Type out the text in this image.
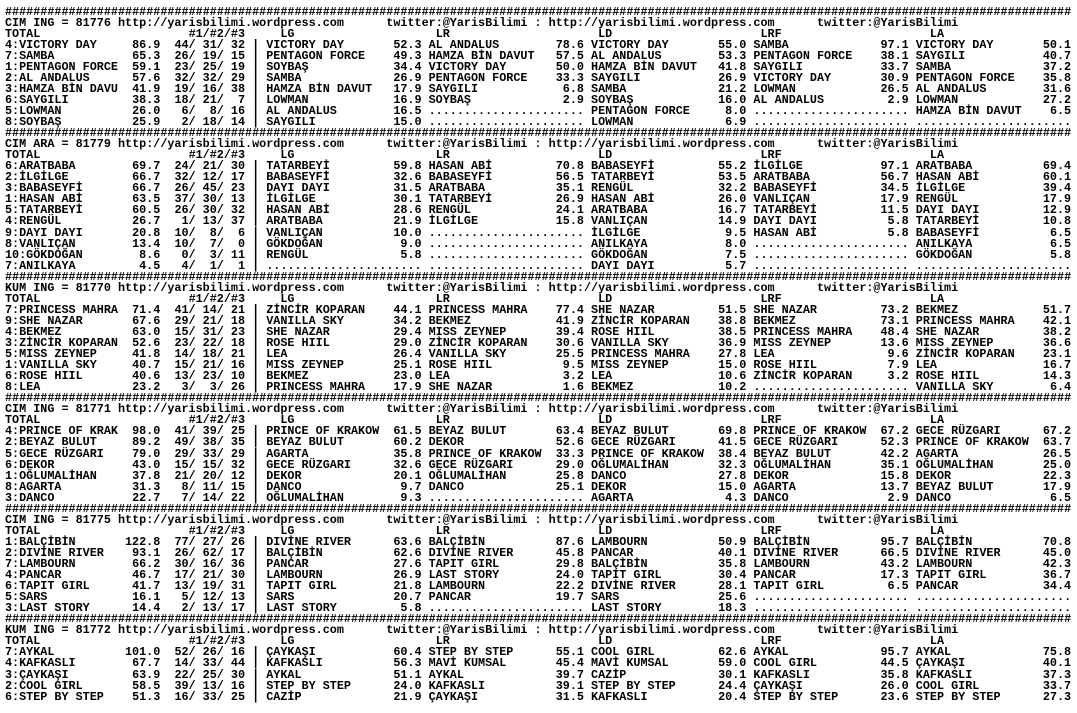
#######################################################################################################################################################
CIM ING = 81776 http://yarisbilimi.wordpress.com	twitter:@YarisBilimi : http://yarisbilimi.wordpress.com	twitter:@YarisBilimi
TOTAL	#1/#2/#3	LG	LR	LD	LRF	LA
4:VICTORY DAY	86.9	44/ 31/ 32 | VICTORY DAY	52.3 AL ANDALUS	78.6 VICTORY DAY	55.0 SAMBA	97.1 VICTORY DAY	50.1
7:SAMBA	65.3	26/ 19/ 15 | PENTAGON FORCE	49.3 HAMZA BİN DAVUT	57.5 AL ANDALUS	53.3 PENTAGON FORCE	38.1 SAYGILI	40.7
1:PENTAGON FORCE	59.1	23/ 25/ 19 | SOYBAŞ	34.4 VICTORY DAY	50.0 HAMZA BİN DAVUT	41.8 SAYGILI	33.7 SAMBA	37.2
2:AL ANDALUS	57.6	32/ 32/ 29 | SAMBA	26.9 PENTAGON FORCE	33.3 SAYGILI	26.9 VICTORY DAY	30.9 PENTAGON FORCE	35.8
3:HAMZA BİN DAVU	41.9	19/ 16/ 38 | HAMZA BİN DAVUT	17.9 SAYGILI	6.8 SAMBA	21.2 LOWMAN	26.5 AL ANDALUS	31.6
6:SAYGILI	38.3	18/ 21/  7 | LOWMAN	16.9 SOYBAŞ	2.9 SOYBAŞ	16.0 AL ANDALUS	2.9 LOWMAN	27.2
5:LOWMAN	26.0	6/  8/ 16 | AL ANDALUS	16.5 ...................... PENTAGON FORCE	8.0 ...................... HAMZA BİN DAVUT	6.5
8:SOYBAŞ	25.9	2/ 18/ 14 | SAYGILI	15.0 ...................... LOWMAN	6.9 ...................... ......................
#######################################################################################################################################################
CIM ARA = 81779 http://yarisbilimi.wordpress.com	twitter:@YarisBilimi : http://yarisbilimi.wordpress.com	twitter:@YarisBilimi
TOTAL	#1/#2/#3	LG	LR	LD	LRF	LA
6:ARATBABA	69.7	24/ 21/ 30 | TATARBEYİ	59.8 HASAN ABİ	70.8 BABASEYFİ	55.2 İLGİLGE	97.1 ARATBABA	69.4
2:İLGİLGE	66.7	32/ 12/ 17 | BABASEYFİ	32.6 BABASEYFİ	56.5 TATARBEYİ	53.5 ARATBABA	56.7 HASAN ABİ	60.1
3:BABASEYFİ	66.7	26/ 45/ 23 | DAYI DAYI	31.5 ARATBABA	35.1 RENGÜL	32.2 BABASEYFİ	34.5 İLGİLGE	39.4
1:HASAN ABİ	63.5	37/ 30/ 13 | İLGİLGE	30.1 TATARBEYİ	26.9 HASAN ABİ	26.0 VANLIÇAN	17.9 RENGÜL	17.9
5:TATARBEYİ	60.5	26/ 30/ 32 | HASAN ABİ	28.6 RENGÜL	24.1 ARATBABA	16.7 TATARBEYİ	11.5 DAYI DAYI	12.9
4:RENGÜL	26.7	1/ 13/ 37 | ARATBABA	21.9 İLGİLGE	15.8 VANLIÇAN	14.9 DAYI DAYI	5.8 TATARBEYİ	10.8
9:DAYI DAYI	20.8	10/  8/  6 | VANLIÇAN	10.0 ...................... İLGİLGE	9.5 HASAN ABİ	5.8 BABASEYFİ	6.5
8:VANLIÇAN	13.4	10/  7/  0 | GÖKDOĞAN	9.0 ...................... ANILKAYA	8.0 ...................... ANILKAYA	6.5
10:GÖKDOĞAN	8.6	0/  3/ 11 | RENGÜL	5.8 ...................... GÖKDOĞAN	7.5 ...................... GÖKDOĞAN	5.8
7:ANILKAYA	4.5	4/  1/  1 | ...................... ...................... DAYI DAYI	5.7 ...................... ......................
#######################################################################################################################################################
KUM ING = 81770 http://yarisbilimi.wordpress.com	twitter:@YarisBilimi : http://yarisbilimi.wordpress.com	twitter:@YarisBilimi
TOTAL	#1/#2/#3	LG	LR	LD	LRF	LA
7:PRINCESS MAHRA	71.4	41/ 14/ 21 | ZİNCİR KOPARAN	44.1 PRINCESS MAHRA	77.4 SHE NAZAR	51.5 SHE NAZAR	73.2 BEKMEZ	51.7
9:SHE NAZAR	67.6	29/ 21/ 18 | VANILLA SKY	34.2 BEKMEZ	41.9 ZİNCİR KOPARAN	38.8 BEKMEZ	73.1 PRINCESS MAHRA	42.1
4:BEKMEZ	63.0	15/ 31/ 23 | SHE NAZAR	29.4 MISS ZEYNEP	39.4 ROSE HIIL	38.5 PRINCESS MAHRA	48.4 SHE NAZAR	38.2
3:ZİNCİR KOPARAN	52.6	23/ 22/ 18 | ROSE HIIL	29.0 ZİNCİR KOPARAN	30.6 VANILLA SKY	36.9 MISS ZEYNEP	13.6 MISS ZEYNEP	36.6
5:MISS ZEYNEP	41.8	14/ 18/ 21 | LEA	26.4 VANILLA SKY	25.5 PRINCESS MAHRA	27.8 LEA	9.6 ZİNCİR KOPARAN	23.1
1:VANILLA SKY	40.7	15/ 21/ 16 | MISS ZEYNEP	25.1 ROSE HIIL	9.5 MISS ZEYNEP	15.0 ROSE HIIL	7.9 LEA	16.7
6:ROSE HIIL	40.6	13/ 23/ 10 | BEKMEZ	23.0 LEA	3.2 LEA	10.6 ZİNCİR KOPARAN	3.2 ROSE HIIL	14.3
8:LEA	23.2	3/  3/ 26 | PRINCESS MAHRA	17.9 SHE NAZAR	1.6 BEKMEZ	10.2 ...................... VANILLA SKY	6.4
#######################################################################################################################################################
CIM ING = 81771 http://yarisbilimi.wordpress.com	twitter:@YarisBilimi : http://yarisbilimi.wordpress.com	twitter:@YarisBilimi
TOTAL	#1/#2/#3	LG	LR	LD	LRF	LA
4:PRINCE OF KRAK	98.0	41/ 39/ 25 | PRINCE OF KRAKOW	61.5 BEYAZ BULUT	63.4 BEYAZ BULUT	69.8 PRINCE OF KRAKOW	67.2 GECE RÜZGARI	67.2
2:BEYAZ BULUT	89.2	49/ 38/ 35 | BEYAZ BULUT	60.2 DEKOR	52.6 GECE RÜZGARI	41.5 GECE RÜZGARI	52.3 PRINCE OF KRAKOW	63.7
5:GECE RÜZGARI	79.0	29/ 33/ 29 | AGARTA	35.8 PRINCE OF KRAKOW	33.3 PRINCE OF KRAKOW	38.4 BEYAZ BULUT	42.2 AGARTA	26.5
6:DEKOR	43.0	15/ 15/ 32 | GECE RÜZGARI	32.6 GECE RÜZGARI	29.0 OĞLUMALİHAN	32.3 OĞLUMALİHAN	35.1 OĞLUMALİHAN	25.0
1:OĞLUMALİHAN	37.8	21/ 20/ 12 | DEKOR	20.1 OĞLUMALİHAN	25.8 DANCO	27.8 DEKOR	15.8 DEKOR	22.3
8:AGARTA	31.3	8/ 11/ 15 | DANCO	9.7 DANCO	25.1 DEKOR	15.0 AGARTA	13.7 BEYAZ BULUT	17.9
3:DANCO	22.7	7/ 14/ 22 | OĞLUMALİHAN	9.3 ...................... AGARTA	4.3 DANCO	2.9 DANCO	6.5
#######################################################################################################################################################
CIM ING = 81775 http://yarisbilimi.wordpress.com	twitter:@YarisBilimi : http://yarisbilimi.wordpress.com	twitter:@YarisBilimi
TOTAL	#1/#2/#3	LG	LR	LD	LRF	LA
1:BALÇİBİN	122.8	77/ 27/ 26 | DIVİNE RIVER	63.6 BALÇİBİN	87.6 LAMBOURN	50.9 BALÇİBİN	95.7 BALÇİBİN	70.8
2:DIVİNE RIVER	93.1	26/ 62/ 17 | BALÇİBİN	62.6 DIVİNE RIVER	45.8 PANCAR	40.1 DIVİNE RIVER	66.5 DIVİNE RIVER	45.0
7:LAMBOURN	66.2	30/ 16/ 36 | PANCAR	27.6 TAPIT GIRL	29.8 BALÇİBİN	35.8 LAMBOURN	43.2 LAMBOURN	42.3
4:PANCAR	46.7	17/ 21/ 30 | LAMBOURN	26.9 LAST STORY	24.0 TAPIT GIRL	30.4 PANCAR	17.3 TAPIT GIRL	36.7
6:TAPIT GIRL	41.7	13/ 19/ 31 | TAPIT GIRL	21.8 LAMBOURN	22.2 DIVİNE RIVER	28.1 TAPIT GIRL	6.5 PANCAR	34.4
5:SARS	16.1	5/ 12/ 13 | SARS	20.7 PANCAR	19.7 SARS	25.6 ...................... ......................
3:LAST STORY	14.4	2/ 13/ 17 | LAST STORY	5.8 ...................... LAST STORY	18.3 ...................... ......................
#######################################################################################################################################################
KUM ING = 81772 http://yarisbilimi.wordpress.com	twitter:@YarisBilimi : http://yarisbilimi.wordpress.com	twitter:@YarisBilimi
TOTAL	#1/#2/#3	LG	LR	LD	LRF	LA
7:AYKAL	101.0	52/ 26/ 16 | ÇAYKAŞI	60.4 STEP BY STEP	55.1 COOL GIRL	62.6 AYKAL	95.7 AYKAL	75.8
4:KAFKASLI	67.7	14/ 33/ 44 | KAFKASLI	56.3 MAVİ KUMSAL	45.4 MAVİ KUMSAL	59.0 COOL GIRL	44.5 ÇAYKAŞI	40.1
3:ÇAYKAŞI	63.9	22/ 25/ 30 | AYKAL	51.1 AYKAL	39.7 CAZİP	30.1 KAFKASLI	35.8 KAFKASLI	37.3
2:COOL GIRL	58.5	39/ 13/ 16 | STEP BY STEP	24.0 KAFKASLI	39.1 STEP BY STEP	24.4 ÇAYKAŞI	26.0 COOL GIRL	33.7
6:STEP BY STEP	51.3	16/ 33/ 25 | CAZİP	21.9 ÇAYKAŞI	31.5 KAFKASLI	20.4 STEP BY STEP	23.6 STEP BY STEP	27.3
